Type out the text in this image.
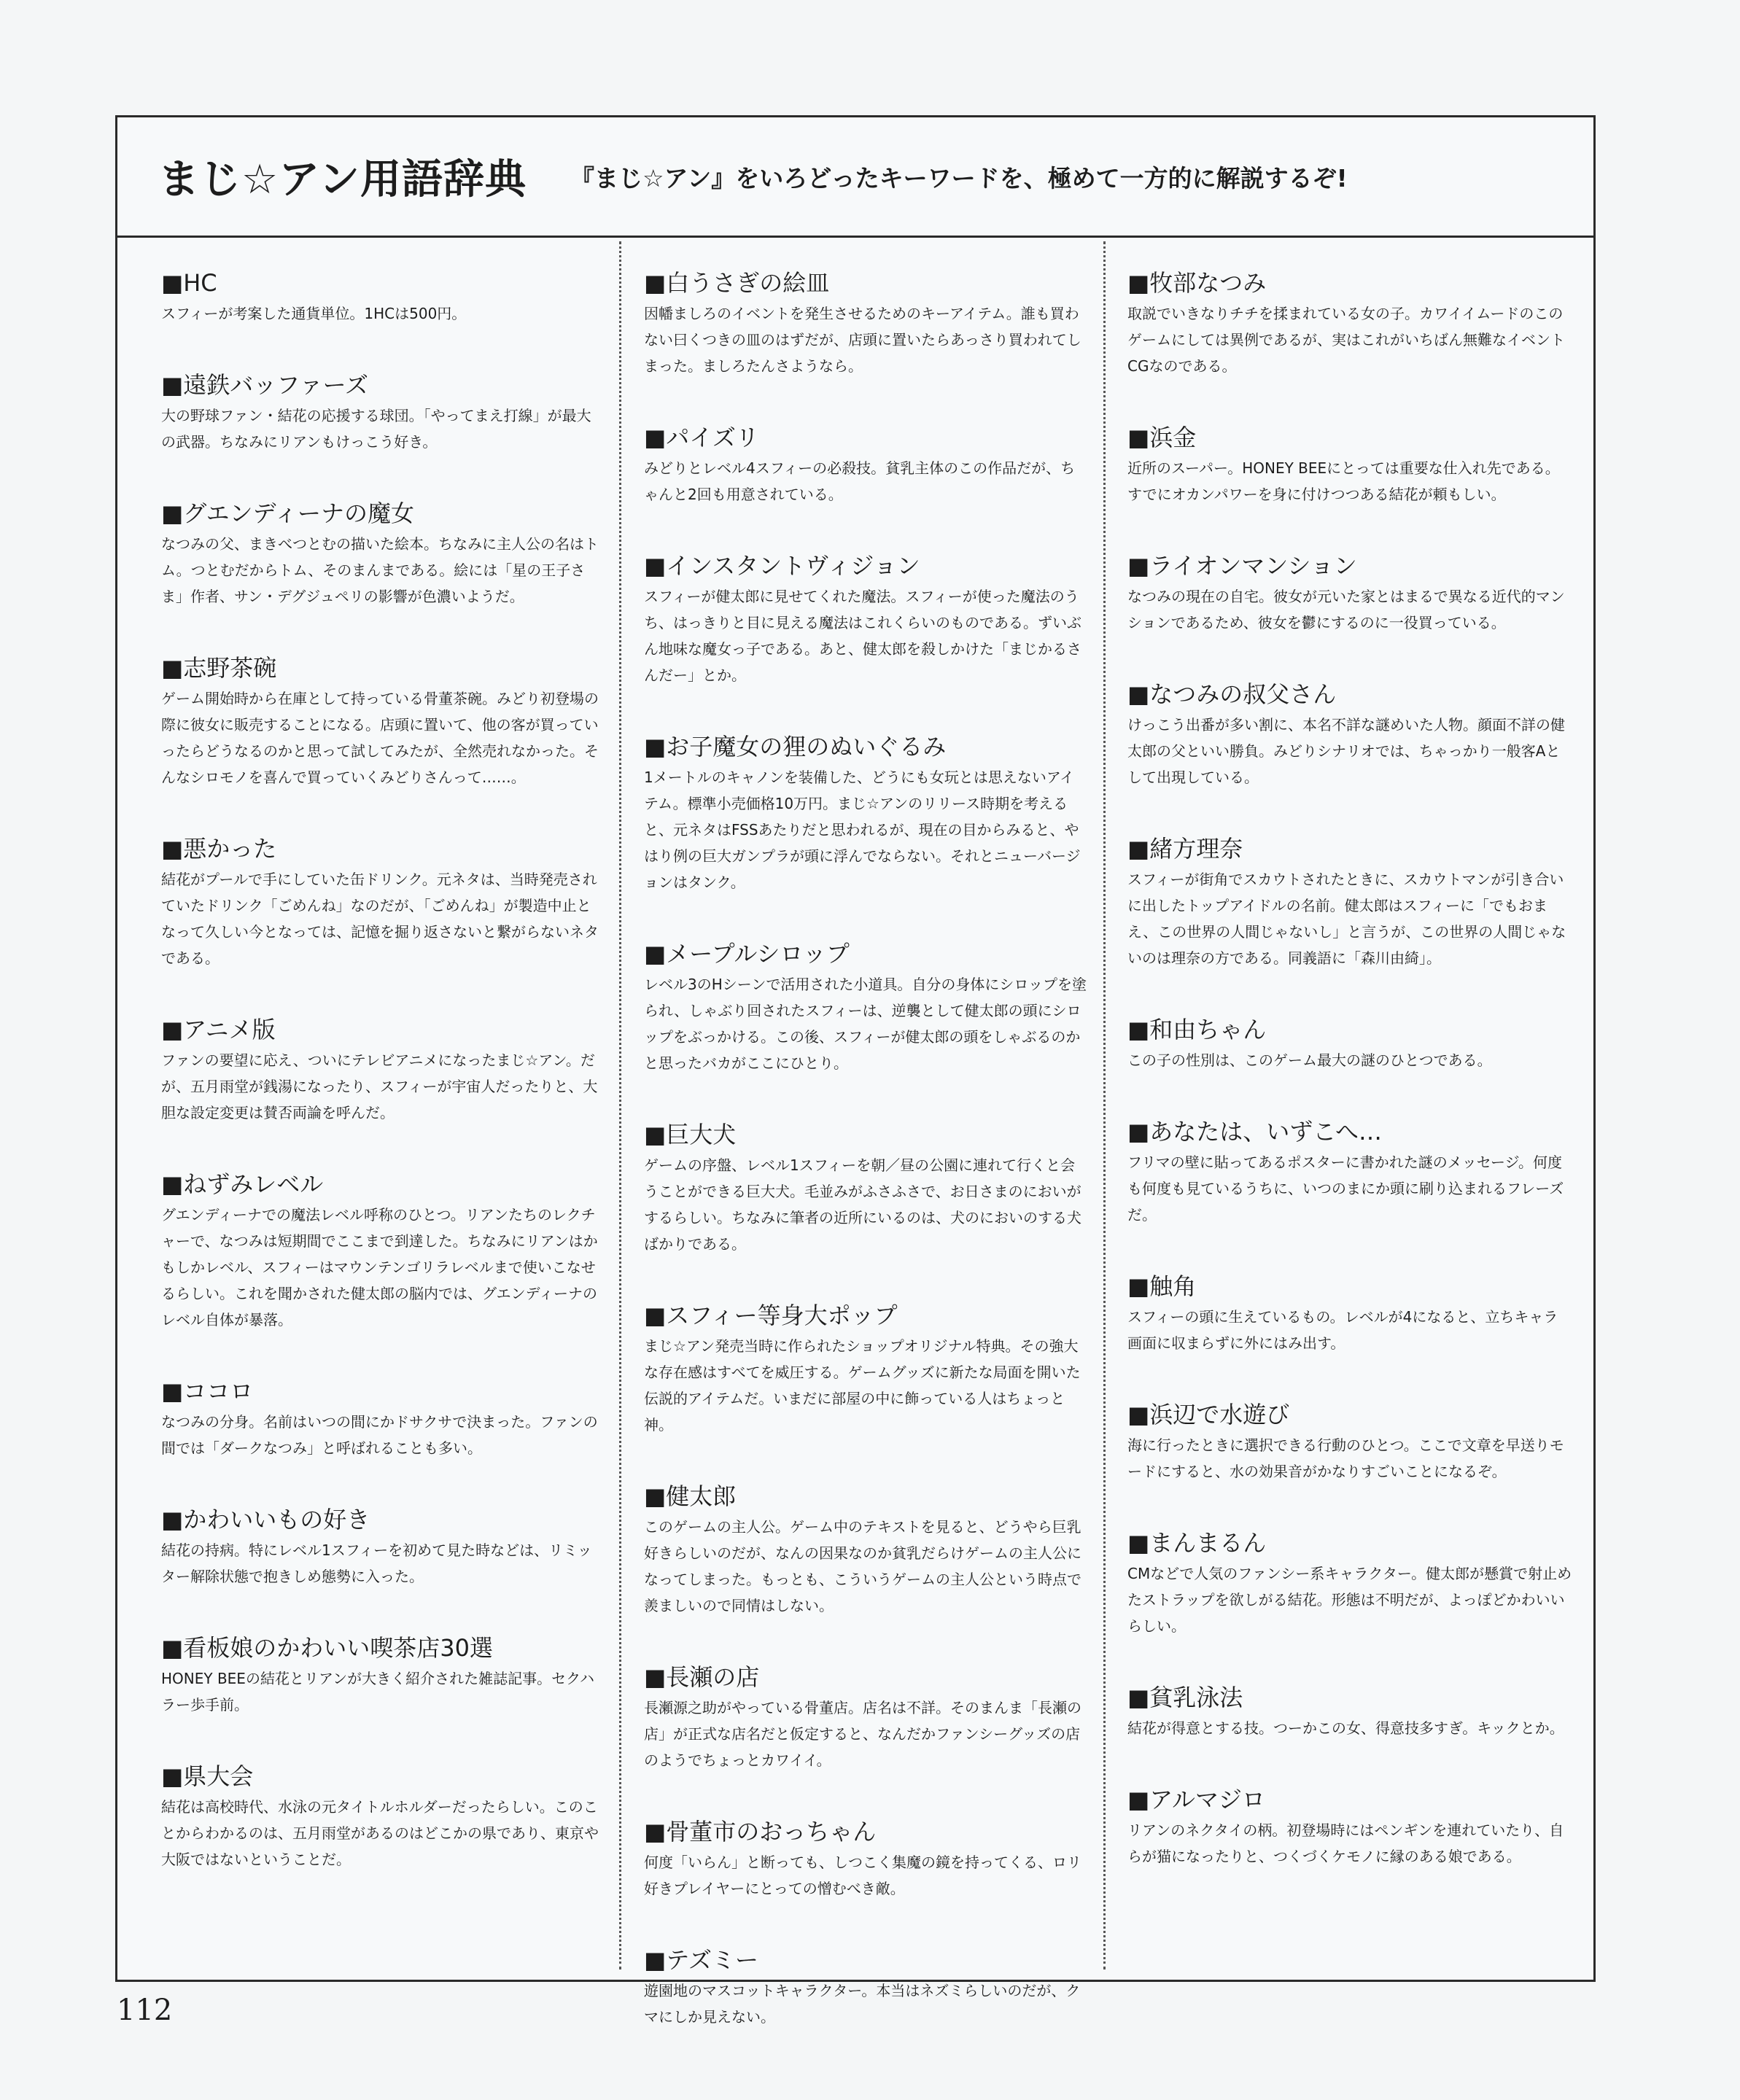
まじ☆アン用語辞典 『まじ☆アン』をいろどったキーワードを、極めて一方的に解説するぞ!
■HC
スフィーが考案した通貨単位。1HCは500円。
■遠鉄バッファーズ
大の野球ファン・結花の応援する球団。「やってまえ打線」が最大の武器。ちなみにリアンもけっこう好き。
■グエンディーナの魔女
なつみの父、まきべつとむの描いた絵本。ちなみに主人公の名はトム。つとむだからトム、そのまんまである。絵には「星の王子さま」作者、サン・デグジュペリの影響が色濃いようだ。
■志野茶碗
ゲーム開始時から在庫として持っている骨董茶碗。みどり初登場の際に彼女に販売することになる。店頭に置いて、他の客が買っていったらどうなるのかと思って試してみたが、全然売れなかった。そんなシロモノを喜んで買っていくみどりさんって……。
■悪かった
結花がプールで手にしていた缶ドリンク。元ネタは、当時発売されていたドリンク「ごめんね」なのだが、「ごめんね」が製造中止となって久しい今となっては、記憶を掘り返さないと繋がらないネタである。
■アニメ版
ファンの要望に応え、ついにテレビアニメになったまじ☆アン。だが、五月雨堂が銭湯になったり、スフィーが宇宙人だったりと、大胆な設定変更は賛否両論を呼んだ。
■ねずみレベル
グエンディーナでの魔法レベル呼称のひとつ。リアンたちのレクチャーで、なつみは短期間でここまで到達した。ちなみにリアンはかもしかレベル、スフィーはマウンテンゴリラレベルまで使いこなせるらしい。これを聞かされた健太郎の脳内では、グエンディーナのレベル自体が暴落。
■ココロ
なつみの分身。名前はいつの間にかドサクサで決まった。ファンの間では「ダークなつみ」と呼ばれることも多い。
■かわいいもの好き
結花の持病。特にレベル1スフィーを初めて見た時などは、リミッター解除状態で抱きしめ態勢に入った。
■看板娘のかわいい喫茶店30選
HONEY BEEの結花とリアンが大きく紹介された雑誌記事。セクハラー歩手前。
■県大会
結花は高校時代、水泳の元タイトルホルダーだったらしい。このことからわかるのは、五月雨堂があるのはどこかの県であり、東京や大阪ではないということだ。
■白うさぎの絵皿
因幡ましろのイベントを発生させるためのキーアイテム。誰も買わない曰くつきの皿のはずだが、店頭に置いたらあっさり買われてしまった。ましろたんさようなら。
■パイズリ
みどりとレベル4スフィーの必殺技。貧乳主体のこの作品だが、ちゃんと2回も用意されている。
■インスタントヴィジョン
スフィーが健太郎に見せてくれた魔法。スフィーが使った魔法のうち、はっきりと目に見える魔法はこれくらいのものである。ずいぶん地味な魔女っ子である。あと、健太郎を殺しかけた「まじかるさんだー」とか。
■お子魔女の狸のぬいぐるみ
1メートルのキャノンを装備した、どうにも女玩とは思えないアイテム。標準小売価格10万円。まじ☆アンのリリース時期を考えると、元ネタはFSSあたりだと思われるが、現在の目からみると、やはり例の巨大ガンプラが頭に浮んでならない。それとニューバージョンはタンク。
■メープルシロップ
レベル3のHシーンで活用された小道具。自分の身体にシロップを塗られ、しゃぶり回されたスフィーは、逆襲として健太郎の頭にシロップをぶっかける。この後、スフィーが健太郎の頭をしゃぶるのかと思ったバカがここにひとり。
■巨大犬
ゲームの序盤、レベル1スフィーを朝／昼の公園に連れて行くと会うことができる巨大犬。毛並みがふさふさで、お日さまのにおいがするらしい。ちなみに筆者の近所にいるのは、犬のにおいのする犬ばかりである。
■スフィー等身大ポップ
まじ☆アン発売当時に作られたショップオリジナル特典。その強大な存在感はすべてを威圧する。ゲームグッズに新たな局面を開いた伝説的アイテムだ。いまだに部屋の中に飾っている人はちょっと神。
■健太郎
このゲームの主人公。ゲーム中のテキストを見ると、どうやら巨乳好きらしいのだが、なんの因果なのか貧乳だらけゲームの主人公になってしまった。もっとも、こういうゲームの主人公という時点で羨ましいので同情はしない。
■長瀬の店
長瀬源之助がやっている骨董店。店名は不詳。そのまんま「長瀬の店」が正式な店名だと仮定すると、なんだかファンシーグッズの店のようでちょっとカワイイ。
■骨董市のおっちゃん
何度「いらん」と断っても、しつこく集魔の鏡を持ってくる、ロリ好きプレイヤーにとっての憎むべき敵。
■テズミー
遊園地のマスコットキャラクター。本当はネズミらしいのだが、クマにしか見えない。
■牧部なつみ
取説でいきなりチチを揉まれている女の子。カワイイムードのこのゲームにしては異例であるが、実はこれがいちばん無難なイベントCGなのである。
■浜金
近所のスーパー。HONEY BEEにとっては重要な仕入れ先である。すでにオカンパワーを身に付けつつある結花が頼もしい。
■ライオンマンション
なつみの現在の自宅。彼女が元いた家とはまるで異なる近代的マンションであるため、彼女を鬱にするのに一役買っている。
■なつみの叔父さん
けっこう出番が多い割に、本名不詳な謎めいた人物。顔面不詳の健太郎の父といい勝負。みどりシナリオでは、ちゃっかり一般客Aとして出現している。
■緒方理奈
スフィーが街角でスカウトされたときに、スカウトマンが引き合いに出したトップアイドルの名前。健太郎はスフィーに「でもおまえ、この世界の人間じゃないし」と言うが、この世界の人間じゃないのは理奈の方である。同義語に「森川由綺」。
■和由ちゃん
この子の性別は、このゲーム最大の謎のひとつである。
■あなたは、いずこへ…
フリマの壁に貼ってあるポスターに書かれた謎のメッセージ。何度も何度も見ているうちに、いつのまにか頭に刷り込まれるフレーズだ。
■触角
スフィーの頭に生えているもの。レベルが4になると、立ちキャラ画面に収まらずに外にはみ出す。
■浜辺で水遊び
海に行ったときに選択できる行動のひとつ。ここで文章を早送りモードにすると、水の効果音がかなりすごいことになるぞ。
■まんまるん
CMなどで人気のファンシー系キャラクター。健太郎が懸賞で射止めたストラップを欲しがる結花。形態は不明だが、よっぽどかわいいらしい。
■貧乳泳法
結花が得意とする技。つーかこの女、得意技多すぎ。キックとか。
■アルマジロ
リアンのネクタイの柄。初登場時にはペンギンを連れていたり、自らが猫になったりと、つくづくケモノに縁のある娘である。
112
